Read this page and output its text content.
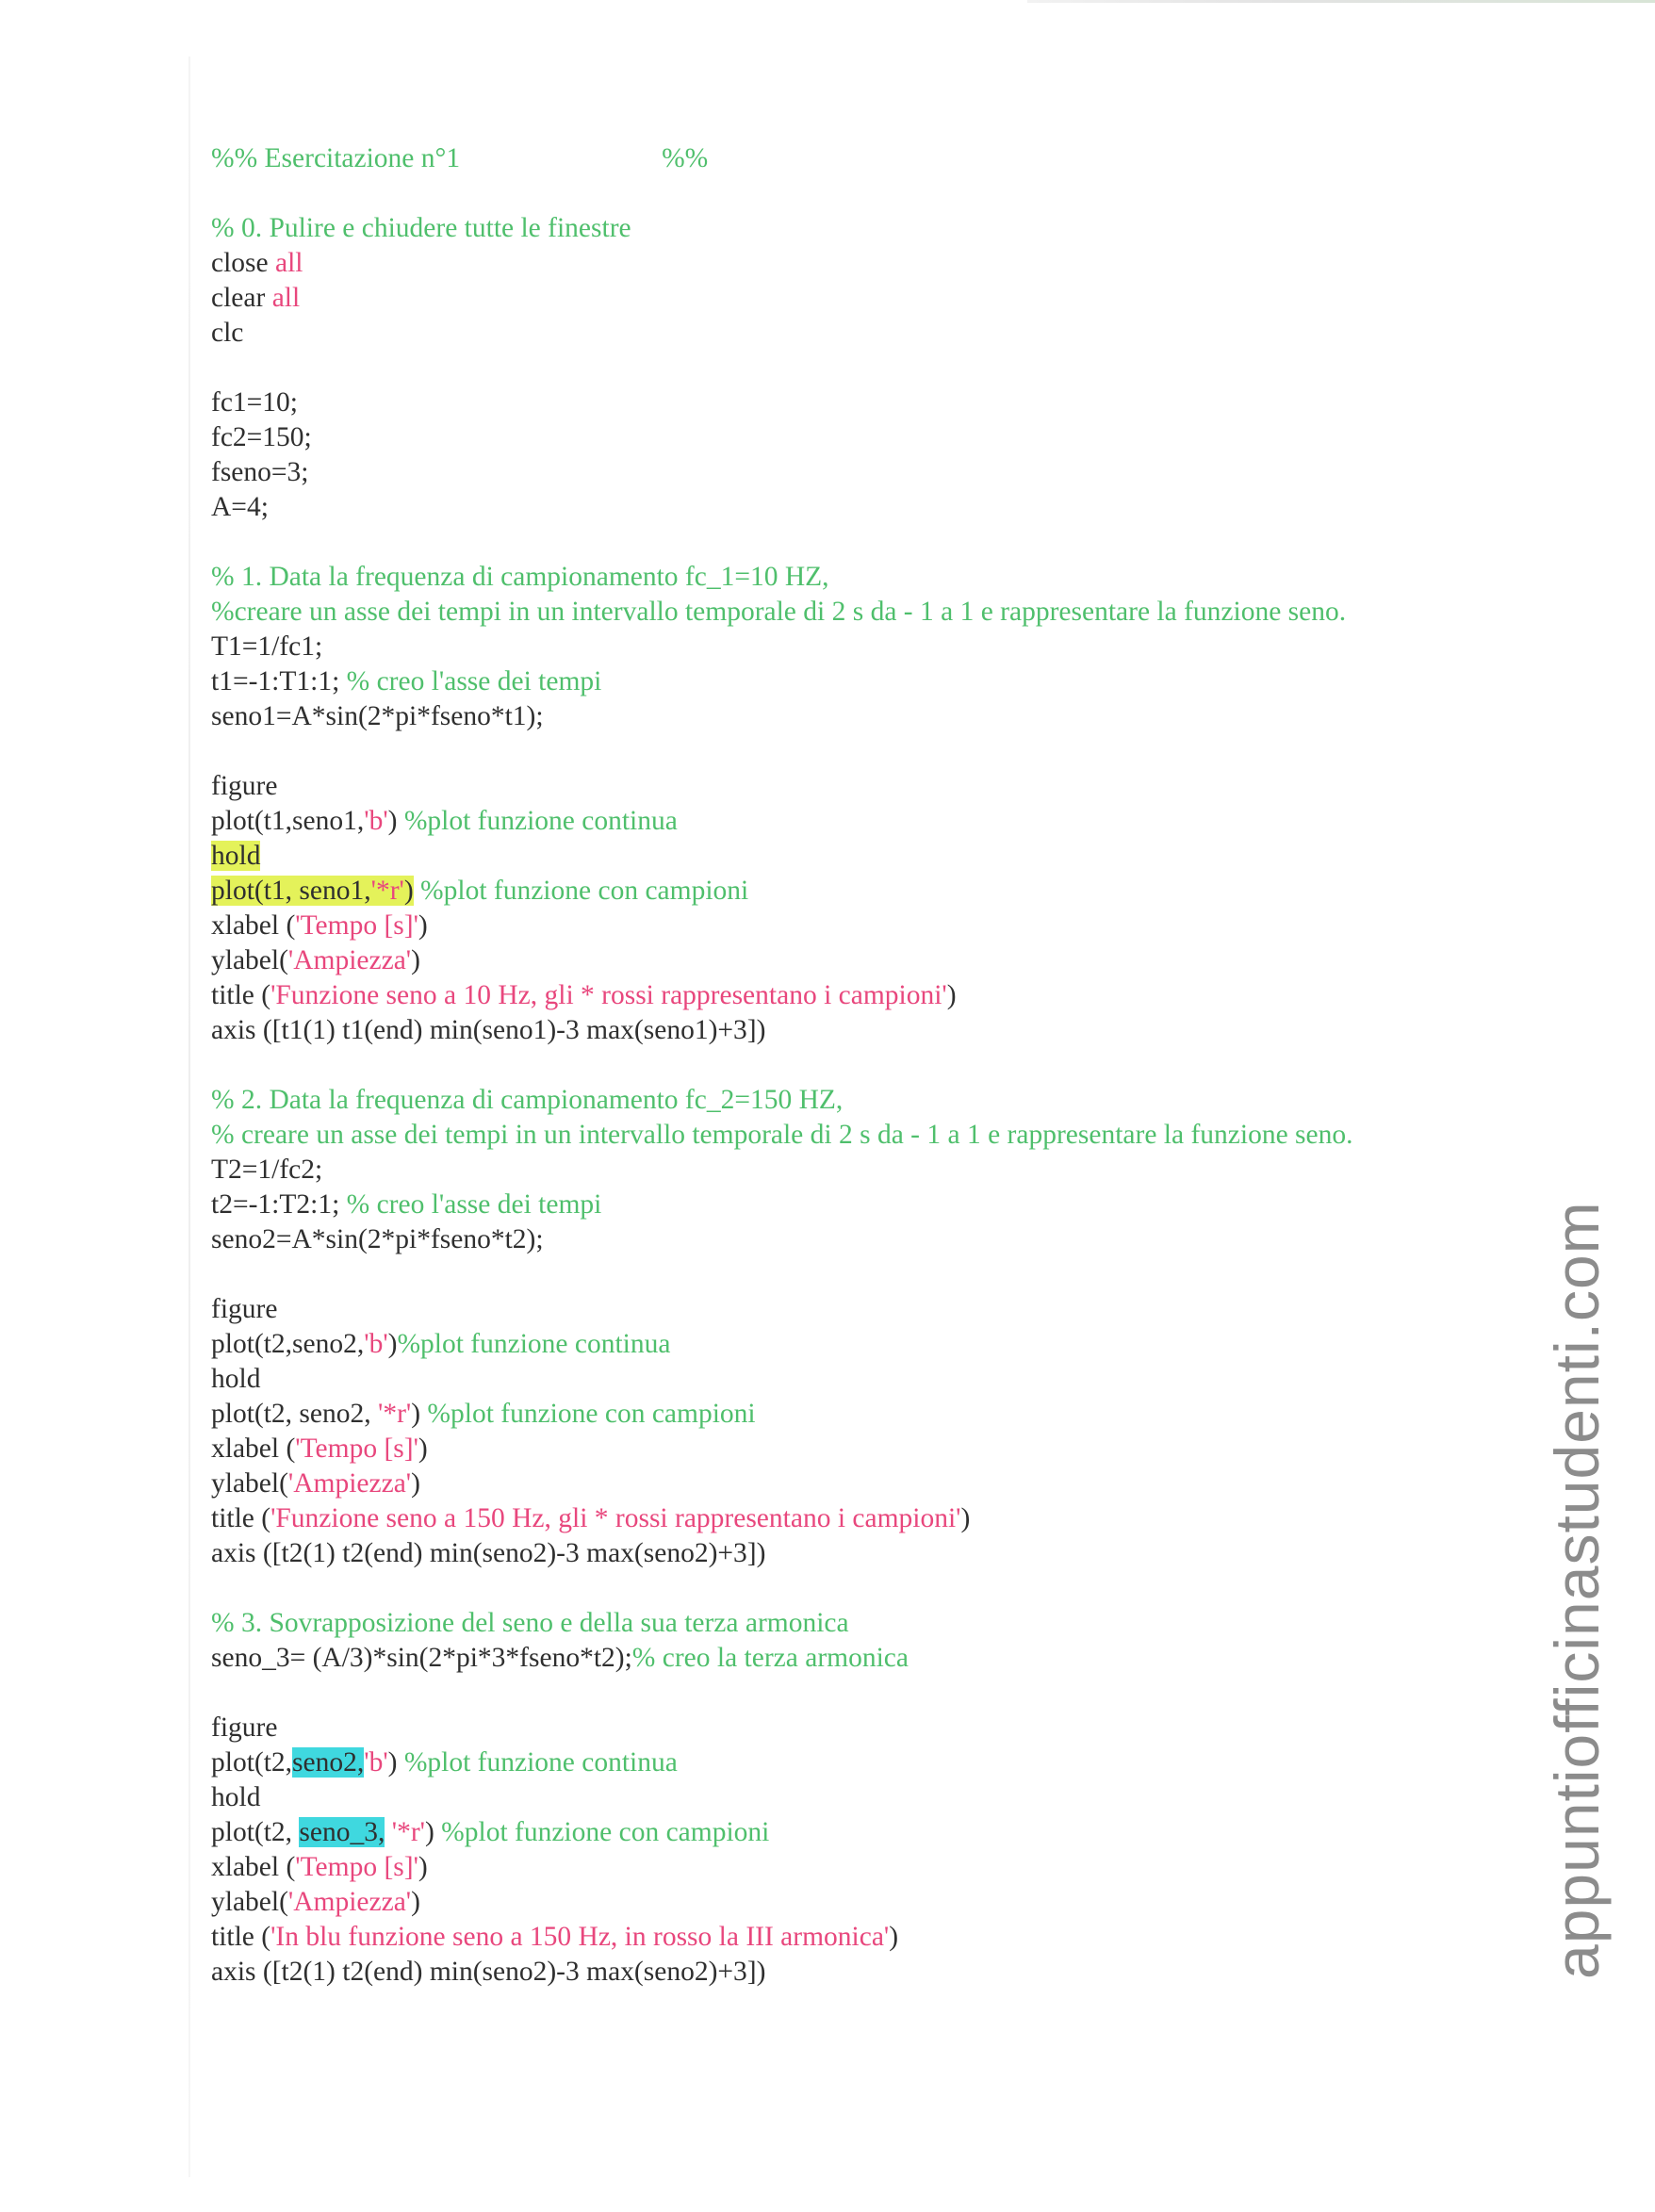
%% Esercitazione n°1	%%
% 0. Pulire e chiudere tutte le finestre
close all
clear all
clc
fc1=10;
fc2=150;
fseno=3;
A=4;
% 1. Data la frequenza di campionamento fc_1=10 HZ,
%creare un asse dei tempi in un intervallo temporale di 2 s da - 1 a 1 e rappresentare la funzione seno.
T1=1/fc1;
t1=-1:T1:1; % creo l'asse dei tempi
seno1=A*sin(2*pi*fseno*t1);
figure
plot(t1,seno1,'b') %plot funzione continua
hold
plot(t1, seno1,'*r') %plot funzione con campioni
xlabel ('Tempo [s]')
ylabel('Ampiezza')
title ('Funzione seno a 10 Hz, gli * rossi rappresentano i campioni')
axis ([t1(1) t1(end) min(seno1)-3 max(seno1)+3])
% 2. Data la frequenza di campionamento fc_2=150 HZ,
% creare un asse dei tempi in un intervallo temporale di 2 s da - 1 a 1 e rappresentare la funzione seno.
T2=1/fc2;
t2=-1:T2:1; % creo l'asse dei tempi
seno2=A*sin(2*pi*fseno*t2);
figure
plot(t2,seno2,'b')%plot funzione continua
hold
plot(t2, seno2, '*r') %plot funzione con campioni
xlabel ('Tempo [s]')
ylabel('Ampiezza')
title ('Funzione seno a 150 Hz, gli * rossi rappresentano i campioni')
axis ([t2(1) t2(end) min(seno2)-3 max(seno2)+3])
% 3. Sovrapposizione del seno e della sua terza armonica
seno_3= (A/3)*sin(2*pi*3*fseno*t2);% creo la terza armonica
figure
plot(t2,seno2,'b') %plot funzione continua
hold
plot(t2, seno_3, '*r') %plot funzione con campioni
xlabel ('Tempo [s]')
ylabel('Ampiezza')
title ('In blu funzione seno a 150 Hz, in rosso la III armonica')
axis ([t2(1) t2(end) min(seno2)-3 max(seno2)+3])	appuntiofficinastudenti.com
